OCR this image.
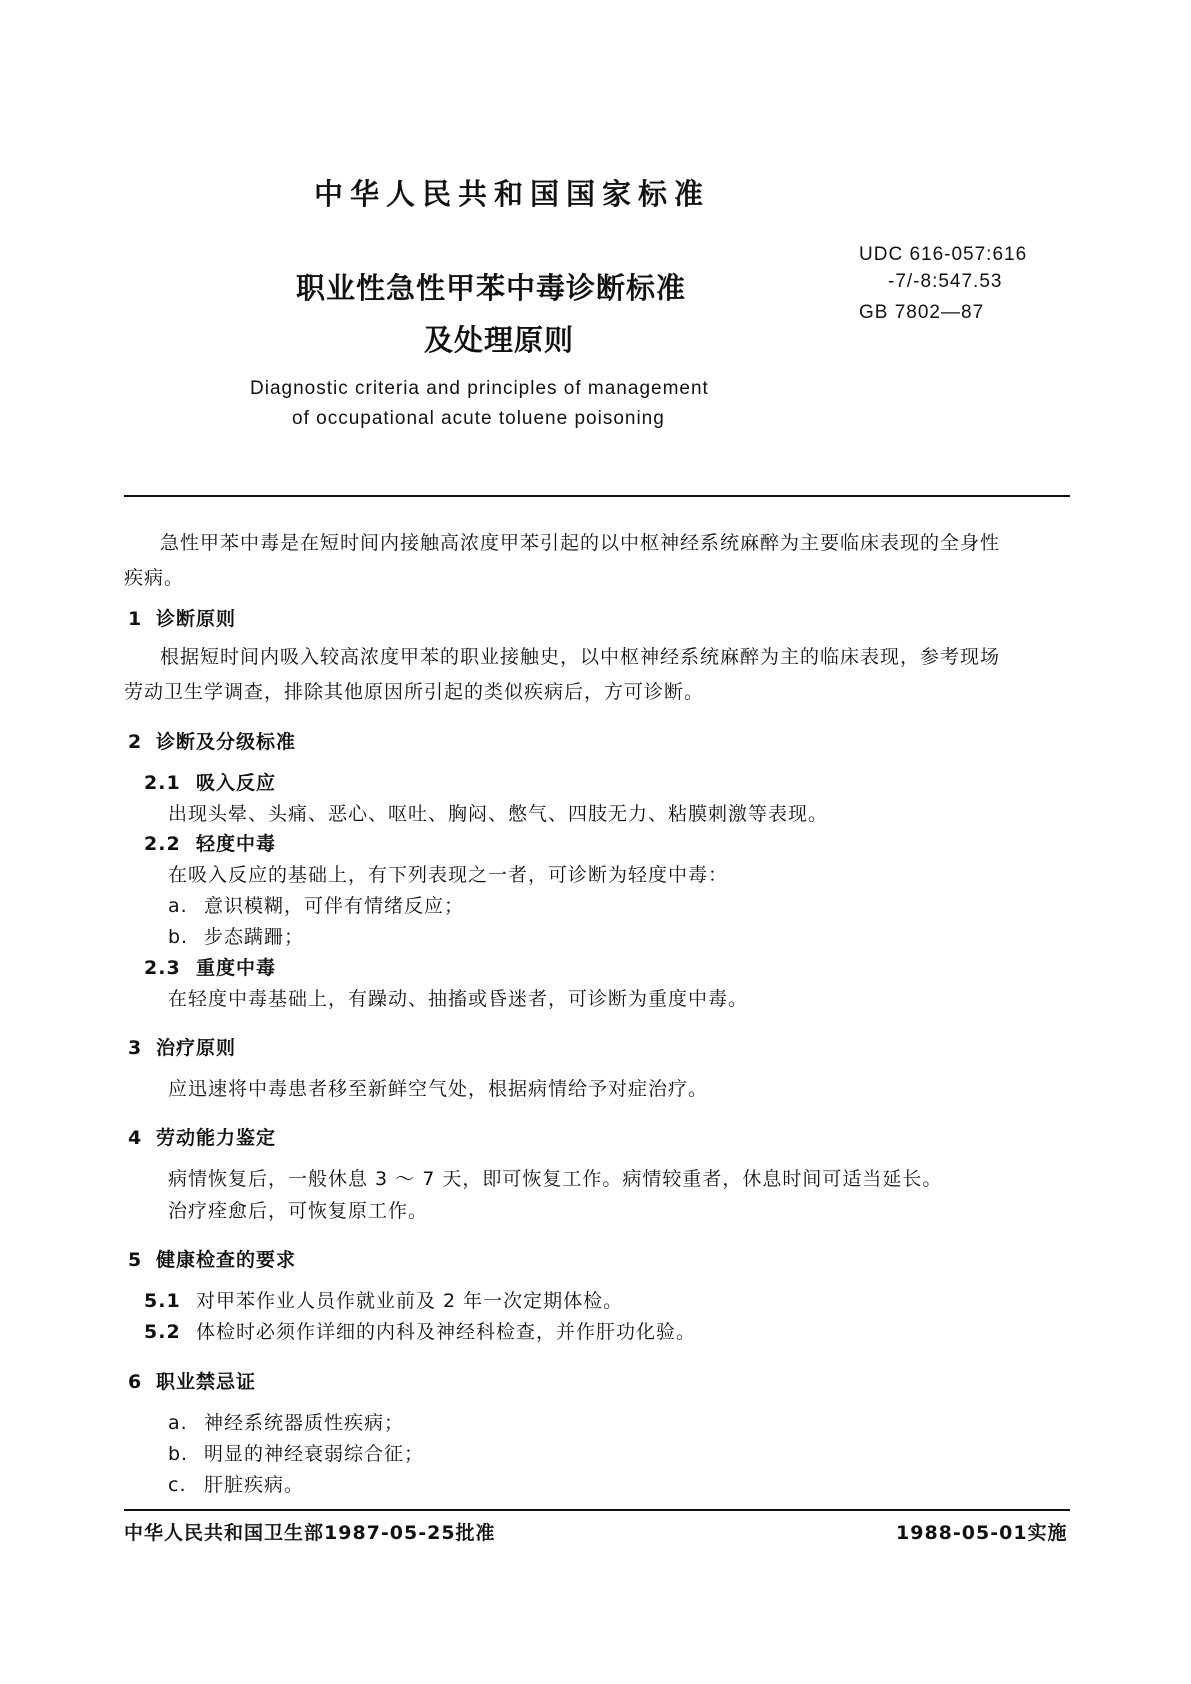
中华人民共和国国家标准
职业性急性甲苯中毒诊断标准
及处理原则
Diagnostic criteria and principles of management
of occupational acute toluene poisoning
UDC 616-057:616
-7/-8:547.53
GB 7802—87
急性甲苯中毒是在短时间内接触高浓度甲苯引起的以中枢神经系统麻醉为主要临床表现的全身性
疾病。
1 诊断原则
根据短时间内吸入较高浓度甲苯的职业接触史，以中枢神经系统麻醉为主的临床表现，参考现场
劳动卫生学调查，排除其他原因所引起的类似疾病后，方可诊断。
2 诊断及分级标准
2.1 吸入反应
出现头晕、头痛、恶心、呕吐、胸闷、憋气、四肢无力、粘膜刺激等表现。
2.2 轻度中毒
在吸入反应的基础上，有下列表现之一者，可诊断为轻度中毒：
a. 意识模糊，可伴有情绪反应；
b. 步态蹒跚；
2.3 重度中毒
在轻度中毒基础上，有躁动、抽搐或昏迷者，可诊断为重度中毒。
3 治疗原则
应迅速将中毒患者移至新鲜空气处，根据病情给予对症治疗。
4 劳动能力鉴定
病情恢复后，一般休息 3 ～ 7 天，即可恢复工作。病情较重者，休息时间可适当延长。
治疗痊愈后，可恢复原工作。
5 健康检查的要求
5.1 对甲苯作业人员作就业前及 2 年一次定期体检。
5.2 体检时必须作详细的内科及神经科检查，并作肝功化验。
6 职业禁忌证
a. 神经系统器质性疾病；
b. 明显的神经衰弱综合征；
c. 肝脏疾病。
中华人民共和国卫生部1987-05-25批准	1988-05-01实施
